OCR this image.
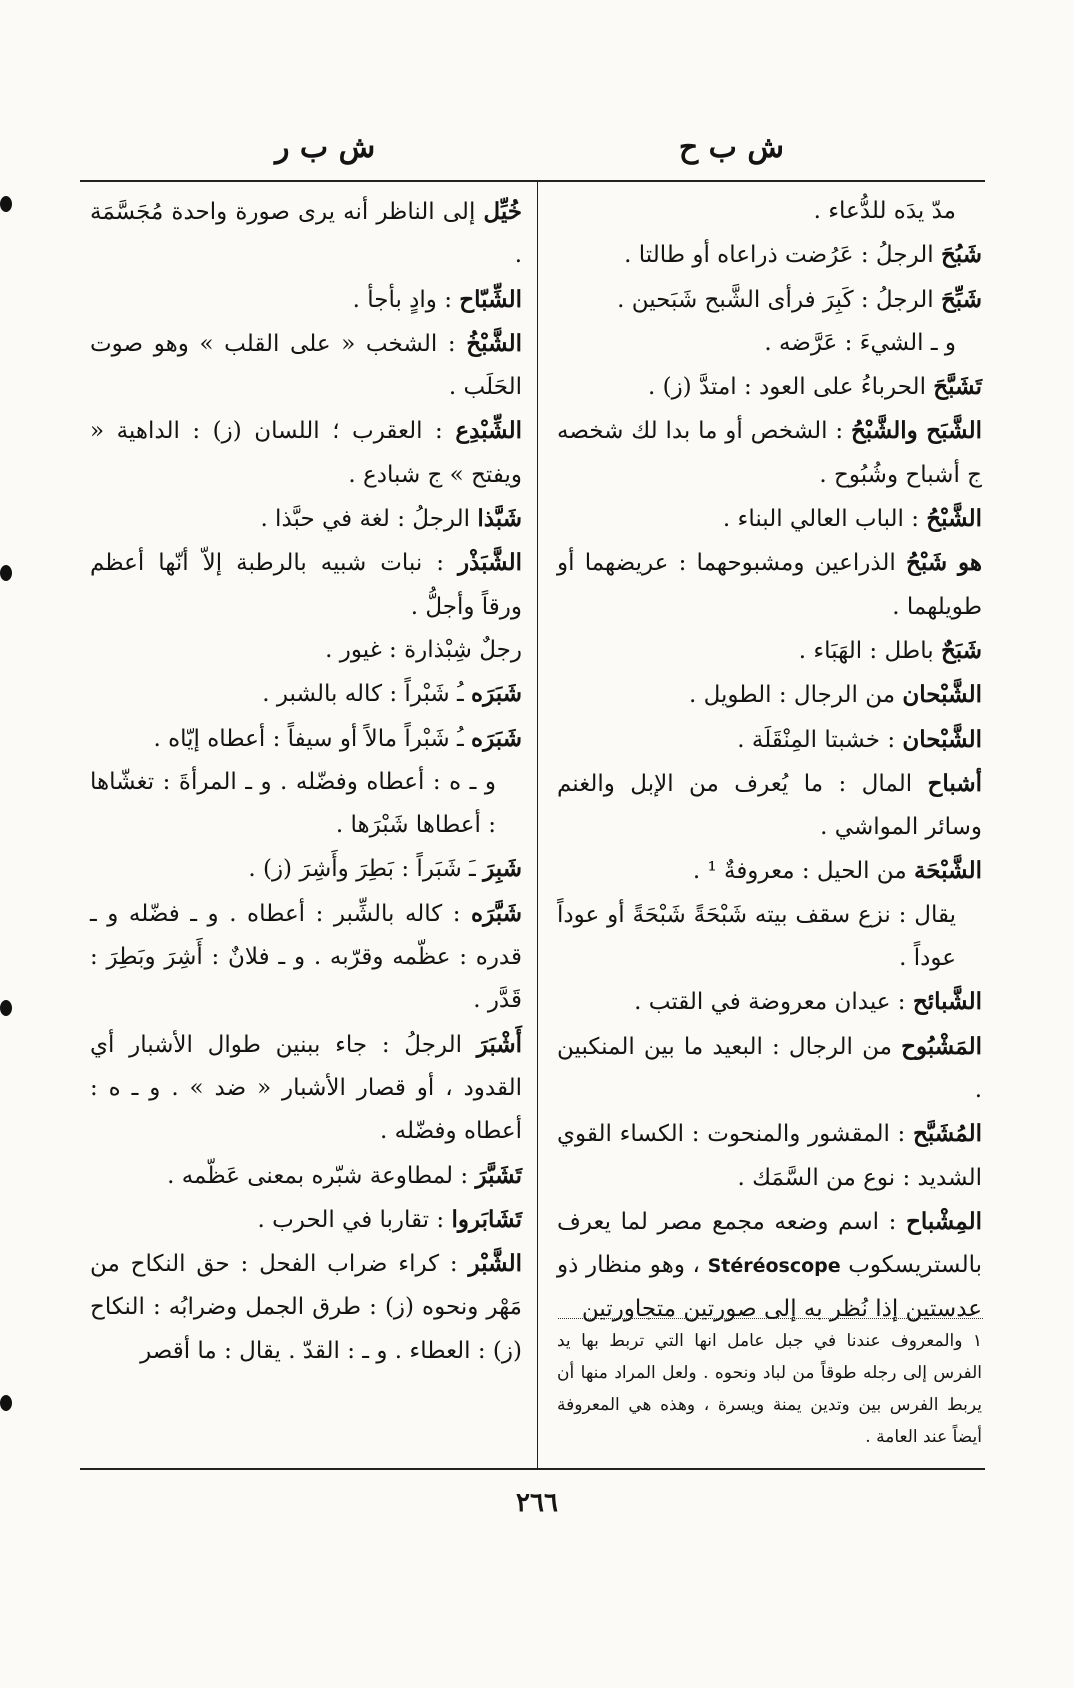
ش ب ح
ش ب ر

مدّ يدَه للدُّعاء .

شَبُحَ الرجلُ : عَرُضت ذراعاه أو طالتا .

شَبِّحَ الرجلُ : كَبِرَ فرأى الشَّبح شَبَحين .

و ـ الشيءَ : عَرَّضه .

تَشَبَّحَ الحرباءُ على العود : امتدَّ (ز) .

الشَّبَح والشَّبْحُ : الشخص أو ما بدا لك شخصه ج أشباح وشُبُوح .

الشَّبْحُ : الباب العالي البناء .

هو شَبْحُ الذراعين ومشبوحهما : عريضهما أو طويلهما .

شَبَحٌ باطل : الهَبَاء .

الشَّبْحان من الرجال : الطويل .

الشَّبْحان : خشبتا المِنْقَلَة .

أشباح المال : ما يُعرف من الإبل والغنم وسائر المواشي .

الشَّبْحَة من الحيل : معروفةٌ ¹ .

يقال : نزع سقف بيته شَبْحَةً شَبْحَةً أو عوداً عوداً .

الشَّبائح : عيدان معروضة في القتب .

المَشْبُوح من الرجال : البعيد ما بين المنكبين .

المُشَبَّح : المقشور والمنحوت : الكساء القوي الشديد : نوع من السَّمَك .

المِشْباح : اسم وضعه مجمع مصر لما يعرف بالستريسكوب Stéréoscope ، وهو منظار ذو عدستين إذا نُظر به إلى صورتين متجاورتين

خُيِّل إلى الناظر أنه يرى صورة واحدة مُجَسَّمَة .

الشِّبّاح : وادٍ بأجأ .

الشَّبْخُ : الشخب « على القلب » وهو صوت الحَلَب .

الشِّبْدِع : العقرب ؛ اللسان (ز) : الداهية « ويفتح » ج شبادع .

شَبَّذا الرجلُ : لغة في حبَّذا .

الشَّبَذْر : نبات شبيه بالرطبة إلاّ أنّها أعظم ورقاً وأجلُّ .

رجلٌ شِبْذارة : غيور .

شَبَرَه ـُ شَبْراً : كاله بالشبر .

شَبَرَه ـُ شَبْراً مالاً أو سيفاً : أعطاه إيّاه .

و ـ ه : أعطاه وفضّله . و ـ المرأةَ : تغشّاها : أعطاها شَبْرَها .

شَبِرَ ـَ شَبَراً : بَطِرَ وأَشِرَ (ز) .

شَبَّرَه : كاله بالشِّبر : أعطاه . و ـ فضّله و ـ قدره : عظّمه وقرّبه . و ـ فلانٌ : أَشِرَ وبَطِرَ : قَدَّر .

أَشْبَرَ الرجلُ : جاء ببنين طوال الأشبار أي القدود ، أو قصار الأشبار « ضد » . و ـ ه : أعطاه وفضّله .

تَشَبَّرَ : لمطاوعة شبّره بمعنى عَظّمه .

تَشَابَروا : تقاربا في الحرب .

الشَّبْر : كراء ضراب الفحل : حق النكاح من مَهْر ونحوه (ز) : طرق الجمل وضرابُه : النكاح (ز) : العطاء . و ـ : القدّ . يقال : ما أقصر ١ والمعروف عندنا في جبل عامل انها التي تربط بها يد الفرس إلى رجله طوقاً من لباد ونحوه . ولعل المراد منها أن يربط الفرس بين وتدين يمنة ويسرة ، وهذه هي المعروفة أيضاً عند العامة .
٢٦٦
